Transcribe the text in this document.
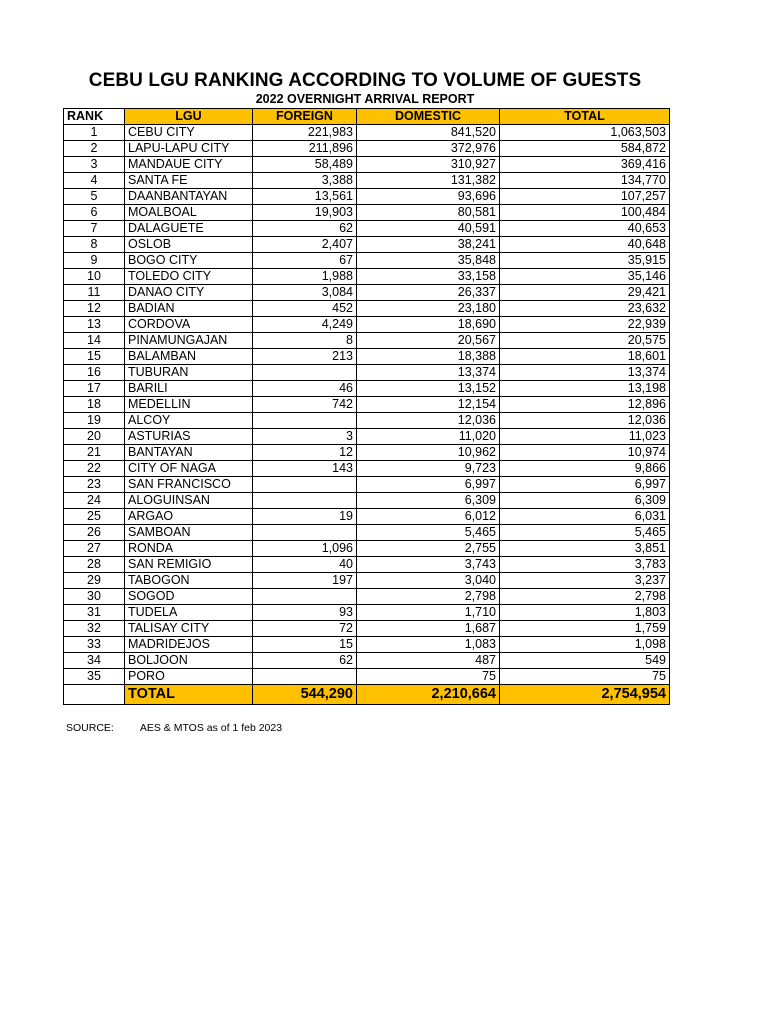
CEBU LGU RANKING ACCORDING TO VOLUME OF GUESTS
2022 OVERNIGHT ARRIVAL REPORT
RANK	LGU	FOREIGN	DOMESTIC	TOTAL
1	CEBU CITY	221,983	841,520	1,063,503
2	LAPU-LAPU CITY	211,896	372,976	584,872
3	MANDAUE CITY	58,489	310,927	369,416
4	SANTA FE	3,388	131,382	134,770
5	DAANBANTAYAN	13,561	93,696	107,257
6	MOALBOAL	19,903	80,581	100,484
7	DALAGUETE	62	40,591	40,653
8	OSLOB	2,407	38,241	40,648
9	BOGO CITY	67	35,848	35,915
10	TOLEDO CITY	1,988	33,158	35,146
11	DANAO CITY	3,084	26,337	29,421
12	BADIAN	452	23,180	23,632
13	CORDOVA	4,249	18,690	22,939
14	PINAMUNGAJAN	8	20,567	20,575
15	BALAMBAN	213	18,388	18,601
16	TUBURAN		13,374	13,374
17	BARILI	46	13,152	13,198
18	MEDELLIN	742	12,154	12,896
19	ALCOY		12,036	12,036
20	ASTURIAS	3	11,020	11,023
21	BANTAYAN	12	10,962	10,974
22	CITY OF NAGA	143	9,723	9,866
23	SAN FRANCISCO		6,997	6,997
24	ALOGUINSAN		6,309	6,309
25	ARGAO	19	6,012	6,031
26	SAMBOAN		5,465	5,465
27	RONDA	1,096	2,755	3,851
28	SAN REMIGIO	40	3,743	3,783
29	TABOGON	197	3,040	3,237
30	SOGOD		2,798	2,798
31	TUDELA	93	1,710	1,803
32	TALISAY CITY	72	1,687	1,759
33	MADRIDEJOS	15	1,083	1,098
34	BOLJOON	62	487	549
35	PORO		75	75
	TOTAL	544,290	2,210,664	2,754,954
SOURCE: AES & MTOS as of 1 feb 2023
